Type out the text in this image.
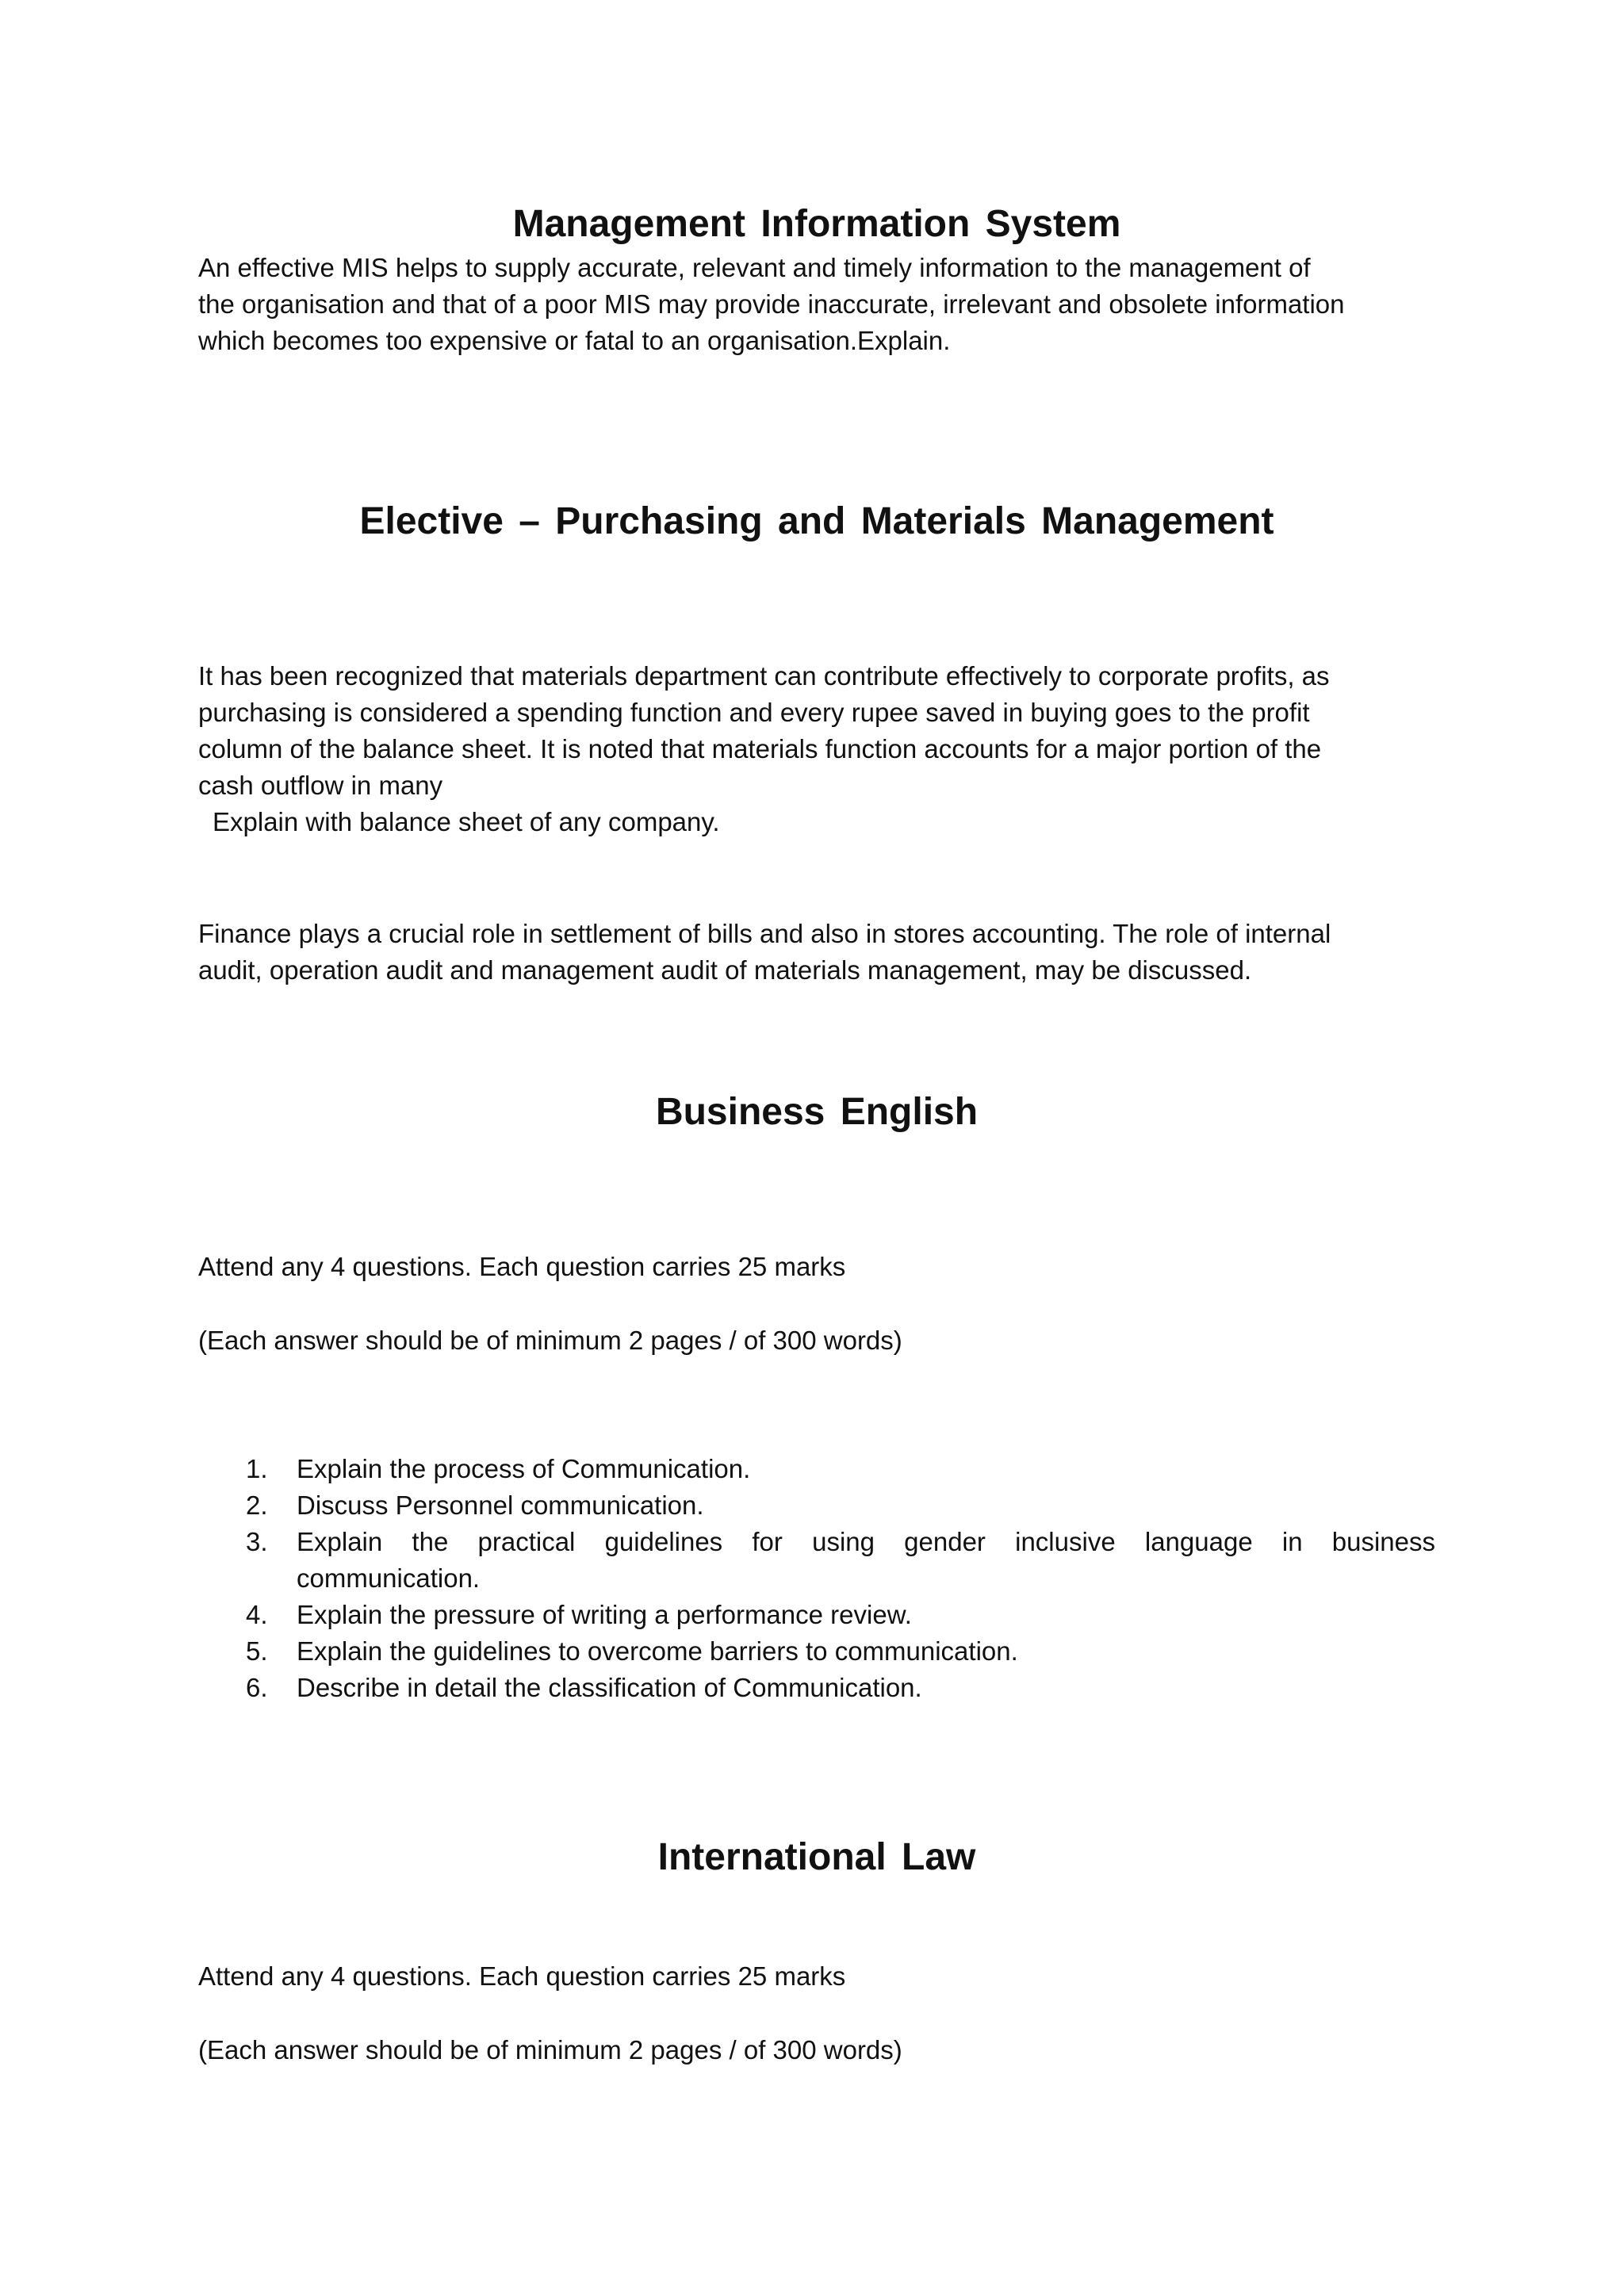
Management Information System

An effective MIS helps to supply accurate, relevant and timely information to the management of
the organisation and that of a poor MIS may provide inaccurate, irrelevant and obsolete information
which becomes too expensive or fatal to an organisation.Explain.

Elective – Purchasing and Materials Management

It has been recognized that materials department can contribute effectively to corporate profits, as
purchasing is considered a spending function and every rupee saved in buying goes to the profit
column of the balance sheet. It is noted that materials function accounts for a major portion of the
cash outflow in many
Explain with balance sheet of any company.

Finance plays a crucial role in settlement of bills and also in stores accounting. The role of internal
audit, operation audit and management audit of materials management, may be discussed.

Business English

Attend any 4 questions. Each question carries 25 marks

(Each answer should be of minimum 2 pages / of 300 words)

1. Explain the process of Communication.
2. Discuss Personnel communication.
3. Explain the practical guidelines for using gender inclusive language in business
communication.
4. Explain the pressure of writing a performance review.
5. Explain the guidelines to overcome barriers to communication.
6. Describe in detail the classification of Communication.
International Law

Attend any 4 questions. Each question carries 25 marks

(Each answer should be of minimum 2 pages / of 300 words)
